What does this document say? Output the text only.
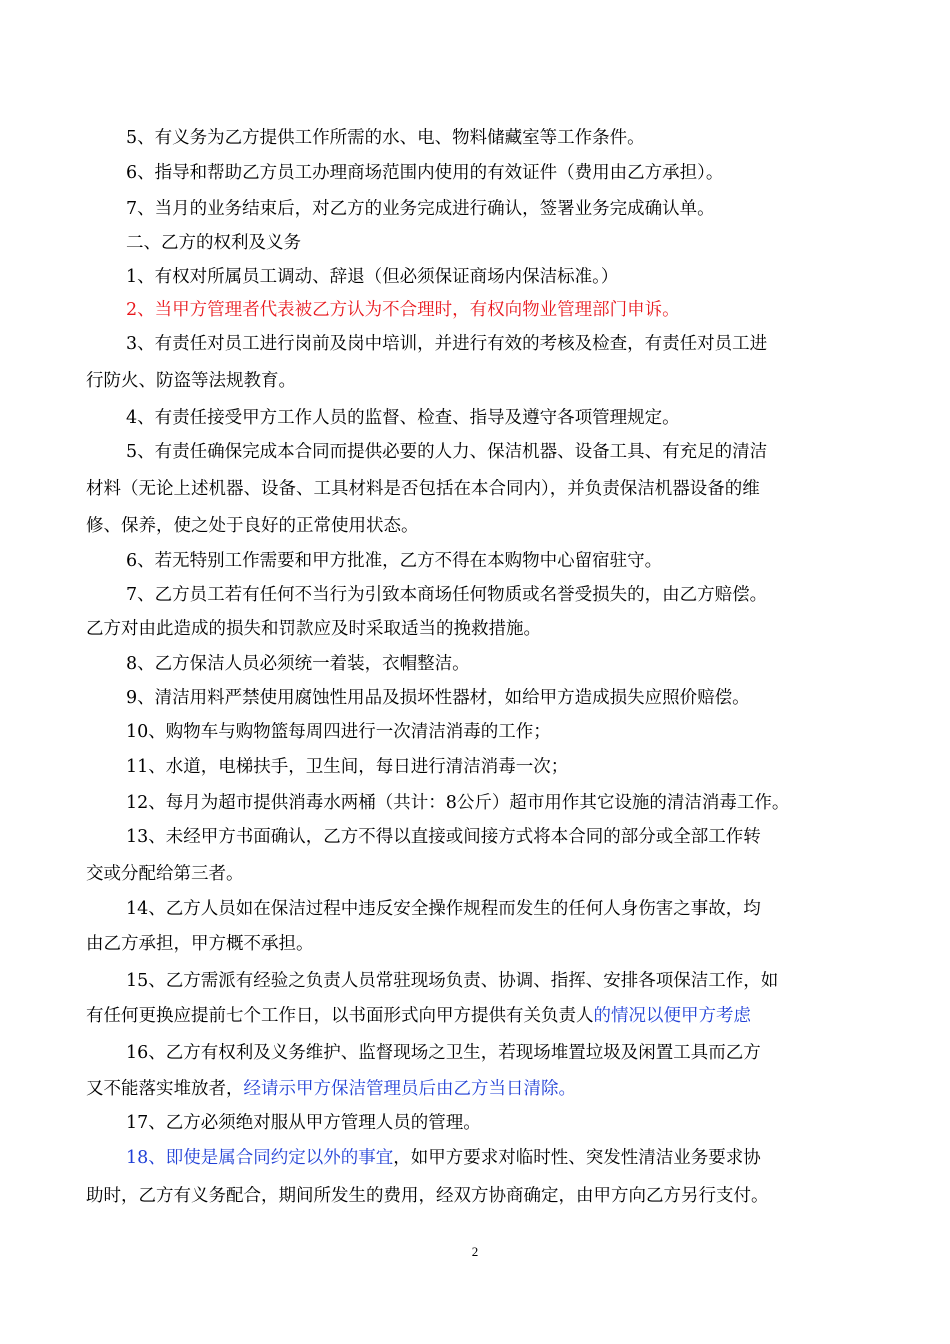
5、有义务为乙方提供工作所需的水、电、物料储藏室等工作条件。
6、指导和帮助乙方员工办理商场范围内使用的有效证件（费用由乙方承担）。
7、当月的业务结束后，对乙方的业务完成进行确认，签署业务完成确认单。
二、乙方的权利及义务
1、有权对所属员工调动、辞退（但必须保证商场内保洁标准。）
2、当甲方管理者代表被乙方认为不合理时，有权向物业管理部门申诉。
3、有责任对员工进行岗前及岗中培训，并进行有效的考核及检查，有责任对员工进
行防火、防盗等法规教育。
4、有责任接受甲方工作人员的监督、检查、指导及遵守各项管理规定。
5、有责任确保完成本合同而提供必要的人力、保洁机器、设备工具、有充足的清洁
材料（无论上述机器、设备、工具材料是否包括在本合同内），并负责保洁机器设备的维
修、保养，使之处于良好的正常使用状态。
6、若无特别工作需要和甲方批准，乙方不得在本购物中心留宿驻守。
7、乙方员工若有任何不当行为引致本商场任何物质或名誉受损失的，由乙方赔偿。
乙方对由此造成的损失和罚款应及时采取适当的挽救措施。
8、乙方保洁人员必须统一着装，衣帽整洁。
9、清洁用料严禁使用腐蚀性用品及损坏性器材，如给甲方造成损失应照价赔偿。
10、购物车与购物篮每周四进行一次清洁消毒的工作；
11、水道，电梯扶手，卫生间，每日进行清洁消毒一次；
12、每月为超市提供消毒水两桶（共计：8公斤）超市用作其它设施的清洁消毒工作。
13、未经甲方书面确认，乙方不得以直接或间接方式将本合同的部分或全部工作转
交或分配给第三者。
14、乙方人员如在保洁过程中违反安全操作规程而发生的任何人身伤害之事故，均
由乙方承担，甲方概不承担。
15、乙方需派有经验之负责人员常驻现场负责、协调、指挥、安排各项保洁工作，如
有任何更换应提前七个工作日，以书面形式向甲方提供有关负责人的情况以便甲方考虑
16、乙方有权利及义务维护、监督现场之卫生，若现场堆置垃圾及闲置工具而乙方
又不能落实堆放者，经请示甲方保洁管理员后由乙方当日清除。
17、乙方必须绝对服从甲方管理人员的管理。
18、即使是属合同约定以外的事宜，如甲方要求对临时性、突发性清洁业务要求协
助时，乙方有义务配合，期间所发生的费用，经双方协商确定，由甲方向乙方另行支付。
2
